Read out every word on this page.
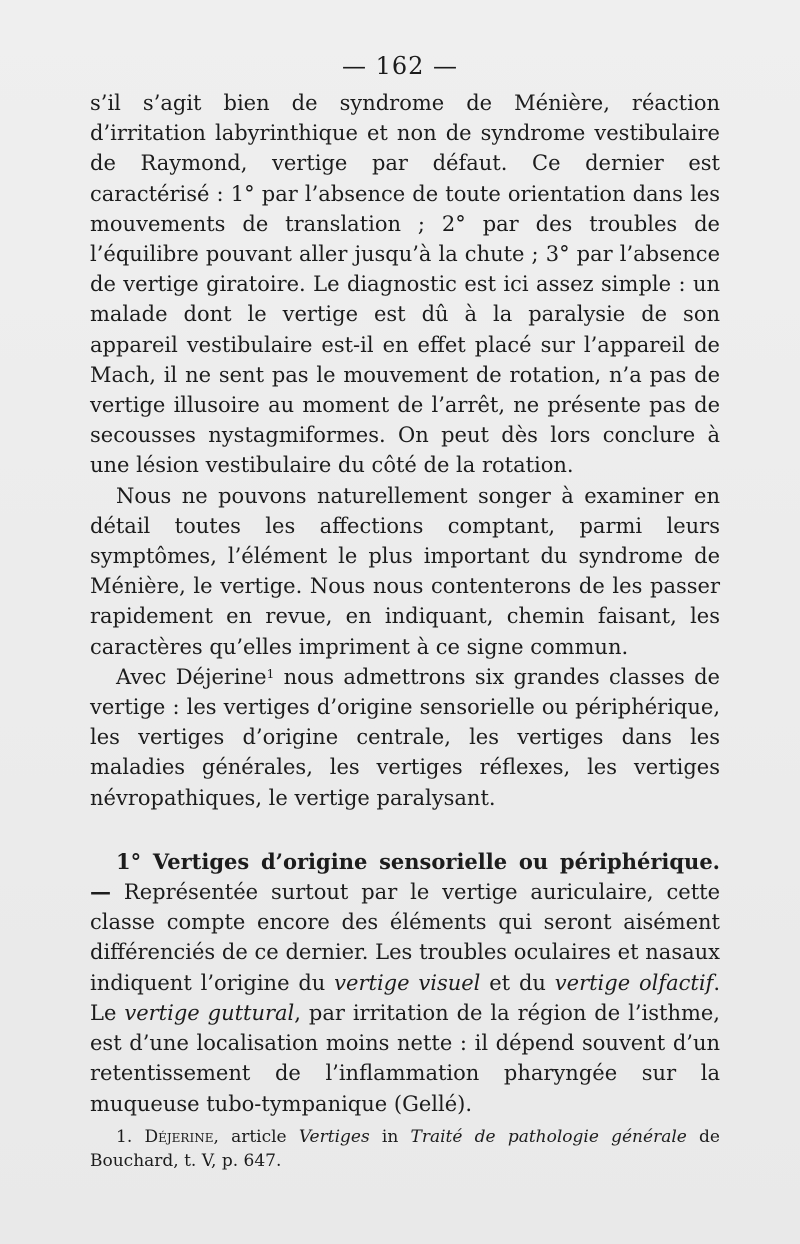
— 162 —

s’il s’agit bien de syndrome de Ménière, réaction d’irritation labyrinthique et non de syndrome vestibulaire de Raymond, vertige par défaut. Ce dernier est caractérisé : 1° par l’absence de toute orientation dans les mouvements de translation ; 2° par des troubles de l’équilibre pouvant aller jusqu’à la chute ; 3° par l’absence de vertige giratoire. Le diagnostic est ici assez simple : un malade dont le vertige est dû à la paralysie de son appareil vestibulaire est-il en effet placé sur l’appareil de Mach, il ne sent pas le mouvement de rotation, n’a pas de vertige illusoire au moment de l’arrêt, ne présente pas de secousses nystagmiformes. On peut dès lors conclure à une lésion vestibulaire du côté de la rotation.

Nous ne pouvons naturellement songer à examiner en détail toutes les affections comptant, parmi leurs symptômes, l’élément le plus important du syndrome de Ménière, le vertige. Nous nous contenterons de les passer rapidement en revue, en indiquant, chemin faisant, les caractères qu’elles impriment à ce signe commun.

Avec Déjerine$^1$ nous admettrons six grandes classes de vertige : les vertiges d’origine sensorielle ou périphérique, les vertiges d’origine centrale, les vertiges dans les maladies générales, les vertiges réflexes, les vertiges névropathiques, le vertige paralysant.

1° Vertiges d’origine sensorielle ou périphérique. — Représentée surtout par le vertige auriculaire, cette classe compte encore des éléments qui seront aisément différenciés de ce dernier. Les troubles oculaires et nasaux indiquent l’origine du vertige visuel et du vertige olfactif. Le vertige guttural, par irritation de la région de l’isthme, est d’une localisation moins nette : il dépend souvent d’un retentissement de l’inflammation pharyngée sur la muqueuse tubo-tympanique (Gellé).

1. Déjerine, article Vertiges in Traité de pathologie générale de Bouchard, t. V, p. 647.
